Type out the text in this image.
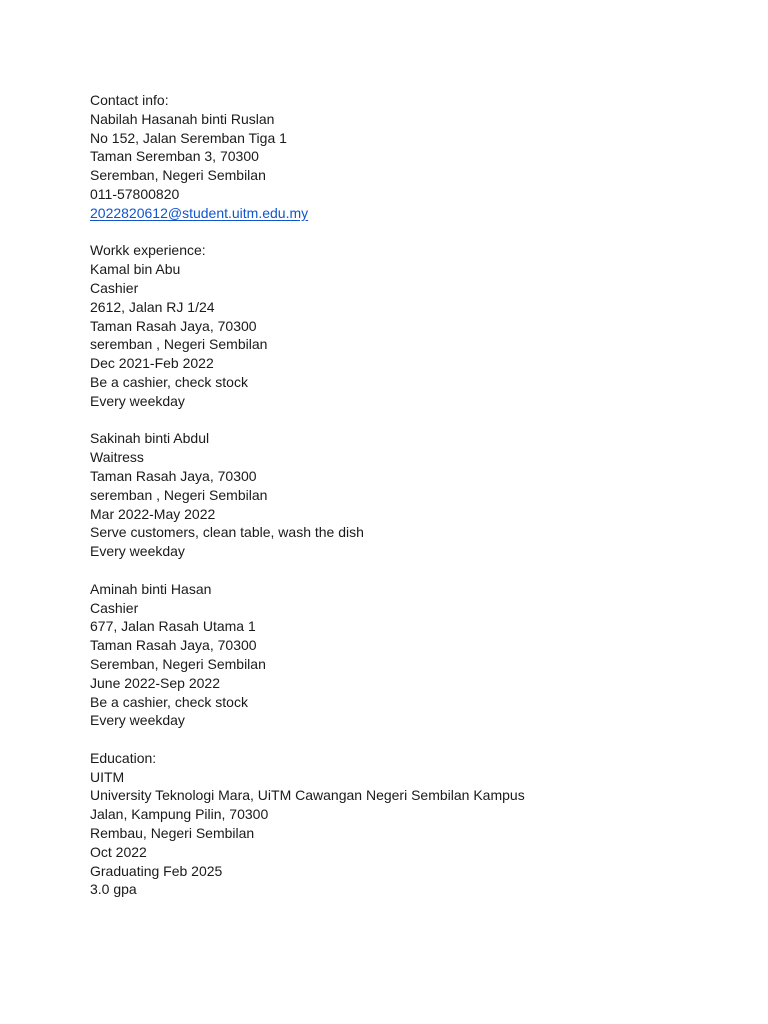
Contact info:
Nabilah Hasanah binti Ruslan
No 152, Jalan Seremban Tiga 1
Taman Seremban 3, 70300
Seremban, Negeri Sembilan
011-57800820
2022820612@student.uitm.edu.my
Workk experience:
Kamal bin Abu
Cashier
2612, Jalan RJ 1/24
Taman Rasah Jaya, 70300
seremban , Negeri Sembilan
Dec 2021-Feb 2022
Be a cashier, check stock
Every weekday
Sakinah binti Abdul
Waitress
Taman Rasah Jaya, 70300
seremban , Negeri Sembilan
Mar 2022-May 2022
Serve customers, clean table, wash the dish
Every weekday
Aminah binti Hasan
Cashier
677, Jalan Rasah Utama 1
Taman Rasah Jaya, 70300
Seremban, Negeri Sembilan
June 2022-Sep 2022
Be a cashier, check stock
Every weekday
Education:
UITM
University Teknologi Mara, UiTM Cawangan Negeri Sembilan Kampus
Jalan, Kampung Pilin, 70300
Rembau, Negeri Sembilan
Oct 2022
Graduating Feb 2025
3.0 gpa
